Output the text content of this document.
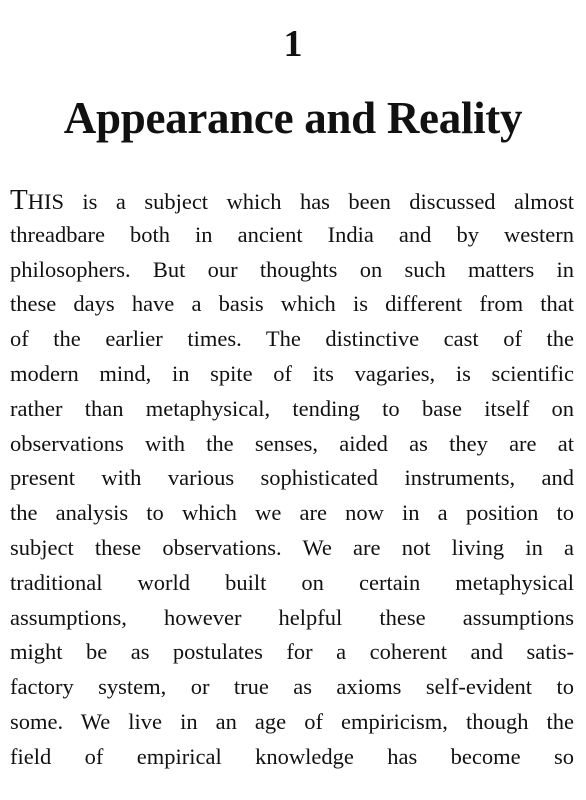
1
Appearance and Reality
THIS is a subject which has been discussed almost
threadbare both in ancient India and by western
philosophers. But our thoughts on such matters in
these days have a basis which is different from that
of the earlier times. The distinctive cast of the
modern mind, in spite of its vagaries, is scientific
rather than metaphysical, tending to base itself on
observations with the senses, aided as they are at
present with various sophisticated instruments, and
the analysis to which we are now in a position to
subject these observations. We are not living in a
traditional world built on certain metaphysical
assumptions, however helpful these assumptions
might be as postulates for a coherent and satis-
factory system, or true as axioms self-evident to
some. We live in an age of empiricism, though the
field of empirical knowledge has become so
